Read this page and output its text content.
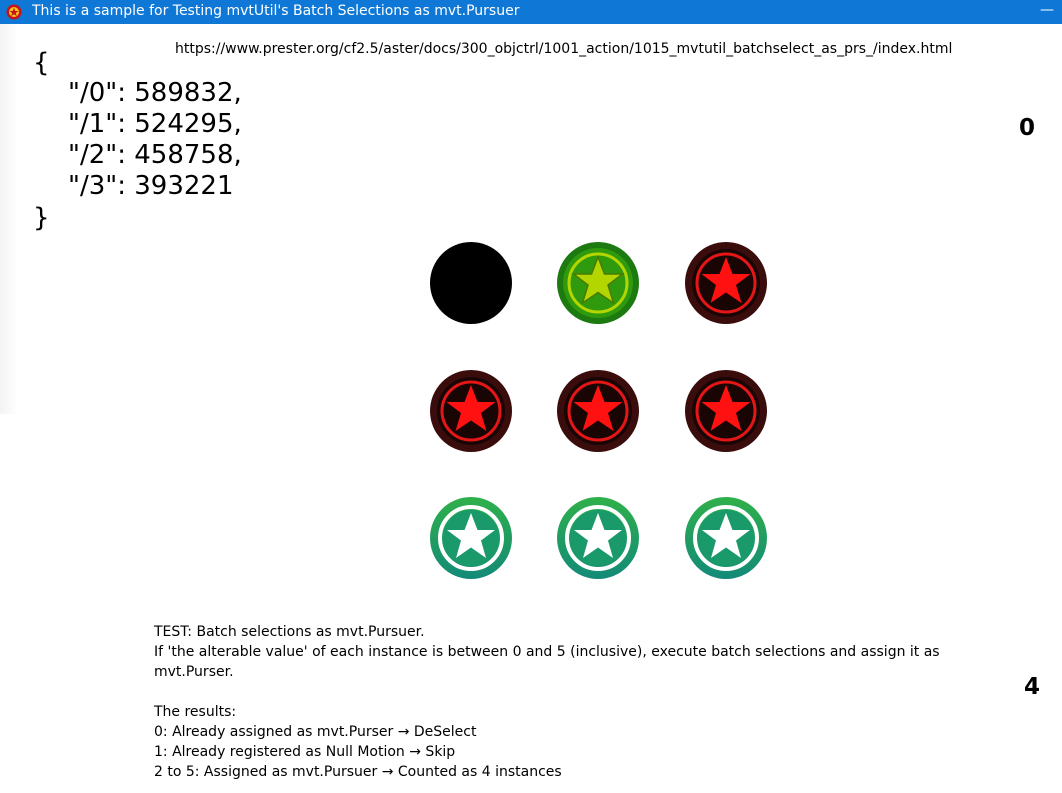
This is a sample for Testing mvtUtil's Batch Selections as mvt.Pursuer	—
https://www.prester.org/cf2.5/aster/docs/300_objctrl/1001_action/1015_mvtutil_batchselect_as_prs_/index.html
{
"/0": 589832,
"/1": 524295,
"/2": 458758,
"/3": 393221
}
0
4
TEST: Batch selections as mvt.Pursuer.
If 'the alterable value' of each instance is between 0 and 5 (inclusive), execute batch selections and assign it as
mvt.Purser.
The results:
0: Already assigned as mvt.Purser → DeSelect
1: Already registered as Null Motion → Skip
2 to 5: Assigned as mvt.Pursuer → Counted as 4 instances
